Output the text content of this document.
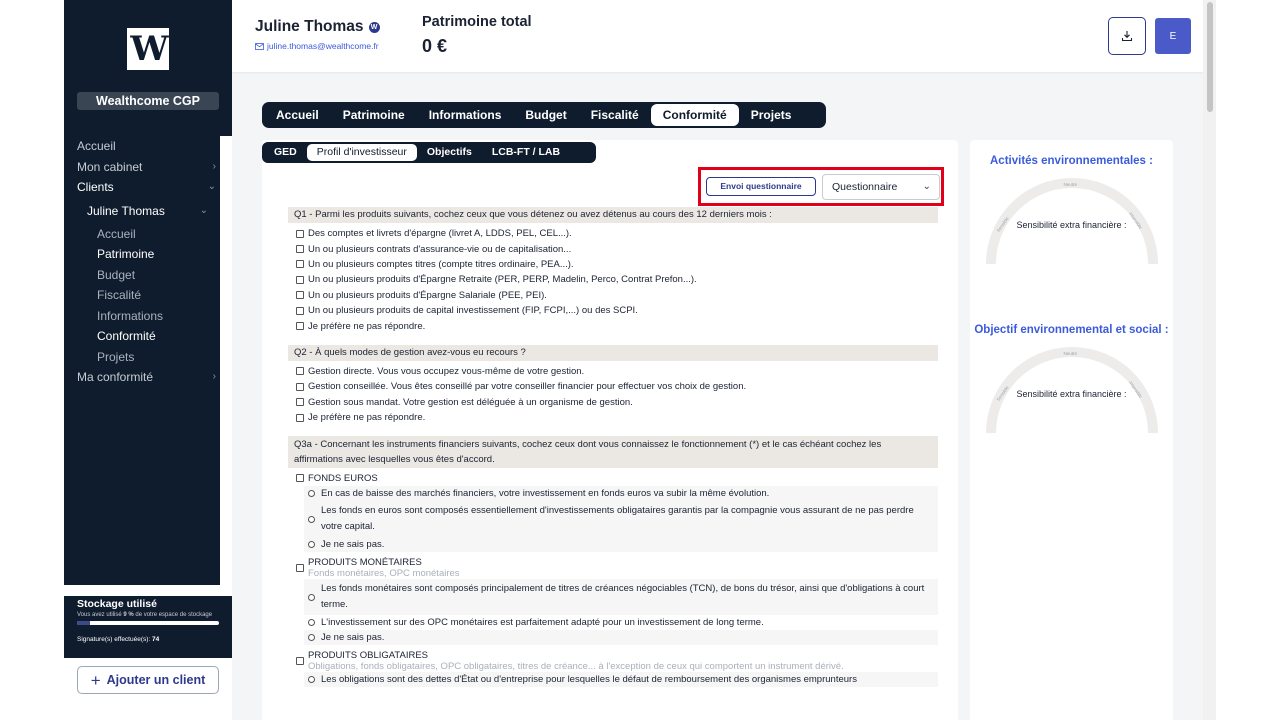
W
Wealthcome CGP
Accueil
Mon cabinet	›
Clients	⌄
Juline Thomas	⌄
Accueil
Patrimoine
Budget
Fiscalité
Informations
Conformité
Projets
Ma conformité	›
Stockage utilisé
Vous avez utilisé 9 % de votre espace de stockage
Signature(s) effectuée(s): 74
+ Ajouter un client
Juline Thomas	W
juline.thomas@wealthcome.fr
Patrimoine total
0 €	E
Accueil	Patrimoine	Informations	Budget	Fiscalité	Conformité	Projets
GED	Profil d'investisseur	Objectifs	LCB-FT / LAB
Envoi questionnaire	Questionnaire	⌄
Q1 - Parmi les produits suivants, cochez ceux que vous détenez ou avez détenus au cours des 12 derniers mois :
Des comptes et livrets d'épargne (livret A, LDDS, PEL, CEL...).
Un ou plusieurs contrats d'assurance-vie ou de capitalisation...
Un ou plusieurs comptes titres (compte titres ordinaire, PEA...).
Un ou plusieurs produits d'Épargne Retraite (PER, PERP, Madelin, Perco, Contrat Prefon...).
Un ou plusieurs produits d'Épargne Salariale (PEE, PEI).
Un ou plusieurs produits de capital investissement (FIP, FCPI,...) ou des SCPI.
Je préfère ne pas répondre.
Q2 - À quels modes de gestion avez-vous eu recours ?
Gestion directe. Vous vous occupez vous-même de votre gestion.
Gestion conseillée. Vous êtes conseillé par votre conseiller financier pour effectuer vos choix de gestion.
Gestion sous mandat. Votre gestion est déléguée à un organisme de gestion.
Je préfère ne pas répondre.
Q3a - Concernant les instruments financiers suivants, cochez ceux dont vous connaissez le fonctionnement (*) et le cas échéant cochez les affirmations avec lesquelles vous êtes d'accord.
FONDS EUROS
En cas de baisse des marchés financiers, votre investissement en fonds euros va subir la même évolution.
Les fonds en euros sont composés essentiellement d'investissements obligataires garantis par la compagnie vous assurant de ne pas perdre votre capital.
Je ne sais pas.
PRODUITS MONÉTAIRES
Fonds monétaires, OPC monétaires
Les fonds monétaires sont composés principalement de titres de créances négociables (TCN), de bons du trésor, ainsi que d'obligations à court terme.
L'investissement sur des OPC monétaires est parfaitement adapté pour un investissement de long terme.
Je ne sais pas.
PRODUITS OBLIGATAIRES
Obligations, fonds obligataires, OPC obligataires, titres de créance... à l'exception de ceux qui comportent un instrument dérivé.
Les obligations sont des dettes d'État ou d'entreprise pour lesquelles le défaut de remboursement des organismes emprunteurs
Activités environnementales :
Neutre
Sensible	Intensible
Sensibilité extra financière :
Objectif environnemental et social :
Neutre
Sensible	Intensible
Sensibilité extra financière :
